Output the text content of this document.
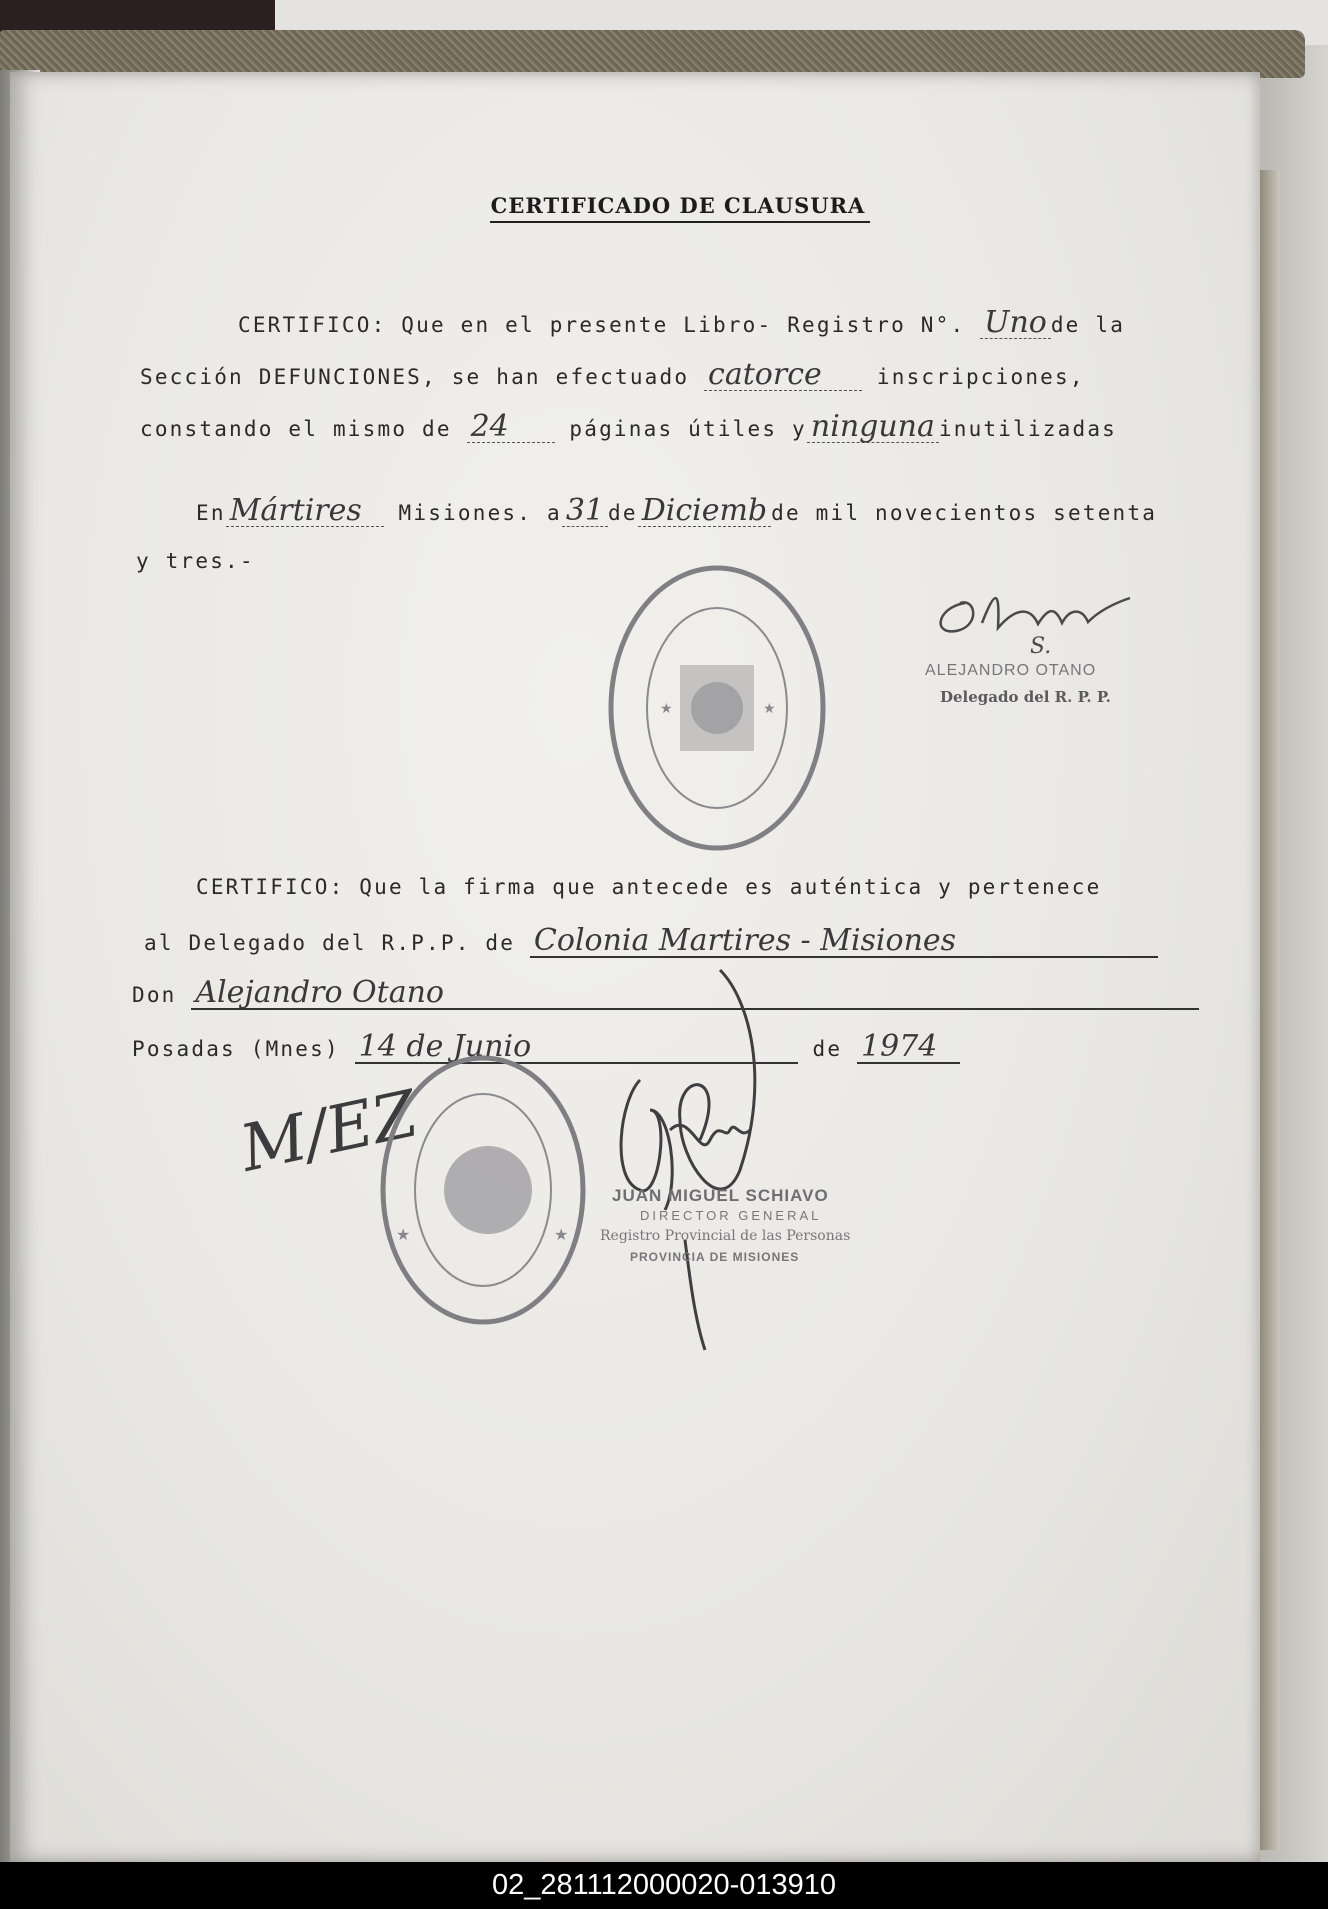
CERTIFICADO DE CLAUSURA
CERTIFICO: Que en el presente Libro- Registro N°. Uno de la
Sección DEFUNCIONES, se han efectuado catorce	inscripciones,
constando el mismo de 24	páginas útiles y ninguna inutilizadas
En Mártires Misiones. a 31 de Diciemb de mil novecientos setenta
y tres.-
★	★
S.
ALEJANDRO OTANO
Delegado del R. P. P.
CERTIFICO: Que la firma que antecede es auténtica y pertenece
al Delegado del R.P.P. de Colonia Martires - Misiones
Don Alejandro Otano
Posadas (Mnes) 14 de Junio	de 1974
M/EZ
★	★
JUAN MIGUEL SCHIAVO
DIRECTOR GENERAL
Registro Provincial de las Personas
PROVINCIA DE MISIONES
02_281112000020-013910
